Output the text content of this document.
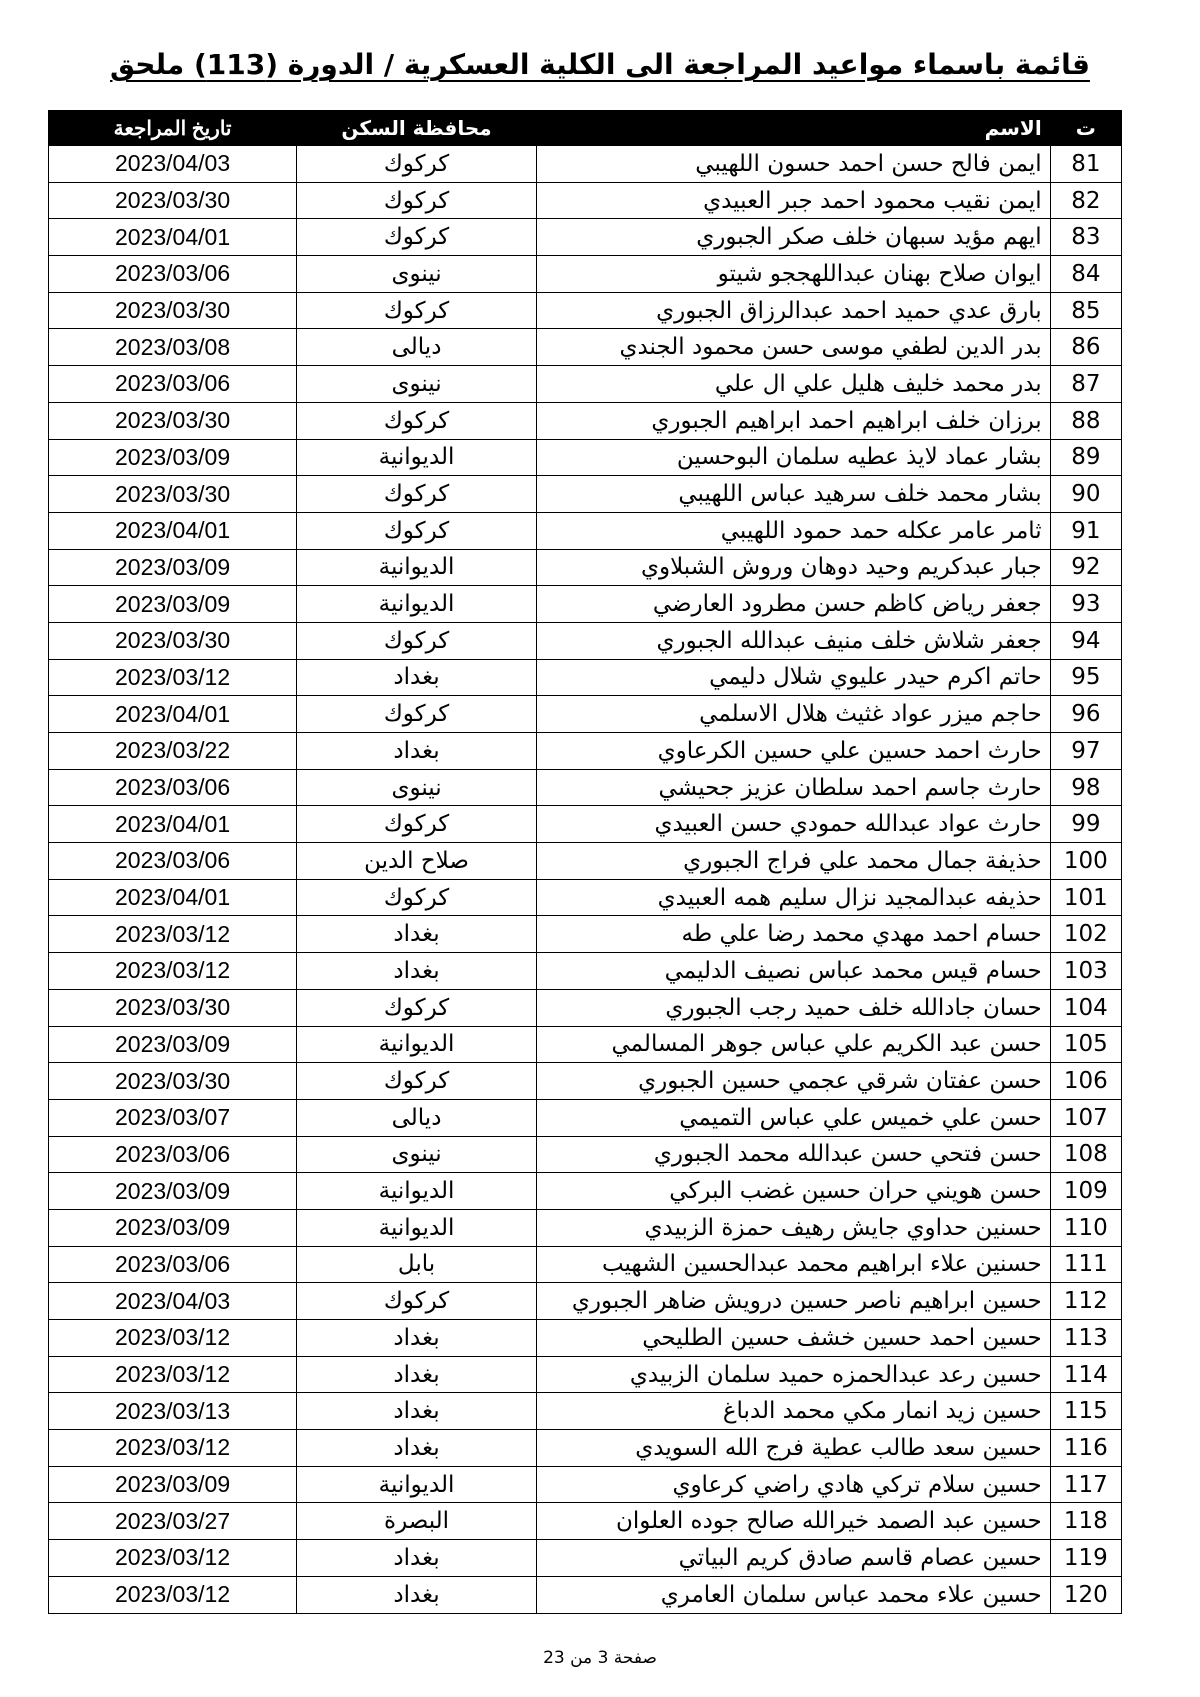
قائمة باسماء مواعيد المراجعة الى الكلية العسكرية / الدورة (113) ملحق
ت	الاسم	محافظة السكن	تاريخ المراجعة
81	ايمن فالح حسن احمد حسون اللهيبي	كركوك	2023/04/03
82	ايمن نقيب محمود احمد جبر العبيدي	كركوك	2023/03/30
83	ايهم مؤيد سبهان خلف صكر الجبوري	كركوك	2023/04/01
84	ايوان صلاح بهنان عبداللهججو شيتو	نينوى	2023/03/06
85	بارق عدي حميد احمد عبدالرزاق الجبوري	كركوك	2023/03/30
86	بدر الدين لطفي موسى حسن محمود الجندي	ديالى	2023/03/08
87	بدر محمد خليف هليل علي ال علي	نينوى	2023/03/06
88	برزان خلف ابراهيم احمد ابراهيم الجبوري	كركوك	2023/03/30
89	بشار عماد لايذ عطيه سلمان البوحسين	الديوانية	2023/03/09
90	بشار محمد خلف سرهيد عباس اللهيبي	كركوك	2023/03/30
91	ثامر عامر عكله حمد حمود اللهيبي	كركوك	2023/04/01
92	جبار عبدكريم وحيد دوهان وروش الشبلاوي	الديوانية	2023/03/09
93	جعفر رياض كاظم حسن مطرود العارضي	الديوانية	2023/03/09
94	جعفر شلاش خلف منيف عبدالله الجبوري	كركوك	2023/03/30
95	حاتم اكرم حيدر عليوي شلال دليمي	بغداد	2023/03/12
96	حاجم ميزر عواد غثيث هلال الاسلمي	كركوك	2023/04/01
97	حارث احمد حسين علي حسين الكرعاوي	بغداد	2023/03/22
98	حارث جاسم احمد سلطان عزيز جحيشي	نينوى	2023/03/06
99	حارث عواد عبدالله حمودي حسن العبيدي	كركوك	2023/04/01
100	حذيفة جمال محمد علي فراج الجبوري	صلاح الدين	2023/03/06
101	حذيفه عبدالمجيد نزال سليم همه العبيدي	كركوك	2023/04/01
102	حسام احمد مهدي محمد رضا علي طه	بغداد	2023/03/12
103	حسام قيس محمد عباس نصيف الدليمي	بغداد	2023/03/12
104	حسان جادالله خلف حميد رجب الجبوري	كركوك	2023/03/30
105	حسن عبد الكريم علي عباس جوهر المسالمي	الديوانية	2023/03/09
106	حسن عفتان شرقي عجمي حسين الجبوري	كركوك	2023/03/30
107	حسن علي خميس علي عباس التميمي	ديالى	2023/03/07
108	حسن فتحي حسن عبدالله محمد الجبوري	نينوى	2023/03/06
109	حسن هويني حران حسين غضب البركي	الديوانية	2023/03/09
110	حسنين حداوي جايش رهيف حمزة الزبيدي	الديوانية	2023/03/09
111	حسنين علاء ابراهيم محمد عبدالحسين الشهيب	بابل	2023/03/06
112	حسين ابراهيم ناصر حسين درويش ضاهر الجبوري	كركوك	2023/04/03
113	حسين احمد حسين خشف حسين الطليحي	بغداد	2023/03/12
114	حسين رعد عبدالحمزه حميد سلمان الزبيدي	بغداد	2023/03/12
115	حسين زيد انمار مكي محمد الدباغ	بغداد	2023/03/13
116	حسين سعد طالب عطية فرج الله السويدي	بغداد	2023/03/12
117	حسين سلام تركي هادي راضي كرعاوي	الديوانية	2023/03/09
118	حسين عبد الصمد خيرالله صالح جوده العلوان	البصرة	2023/03/27
119	حسين عصام قاسم صادق كريم البياتي	بغداد	2023/03/12
120	حسين علاء محمد عباس سلمان العامري	بغداد	2023/03/12
صفحة 3 من 23
